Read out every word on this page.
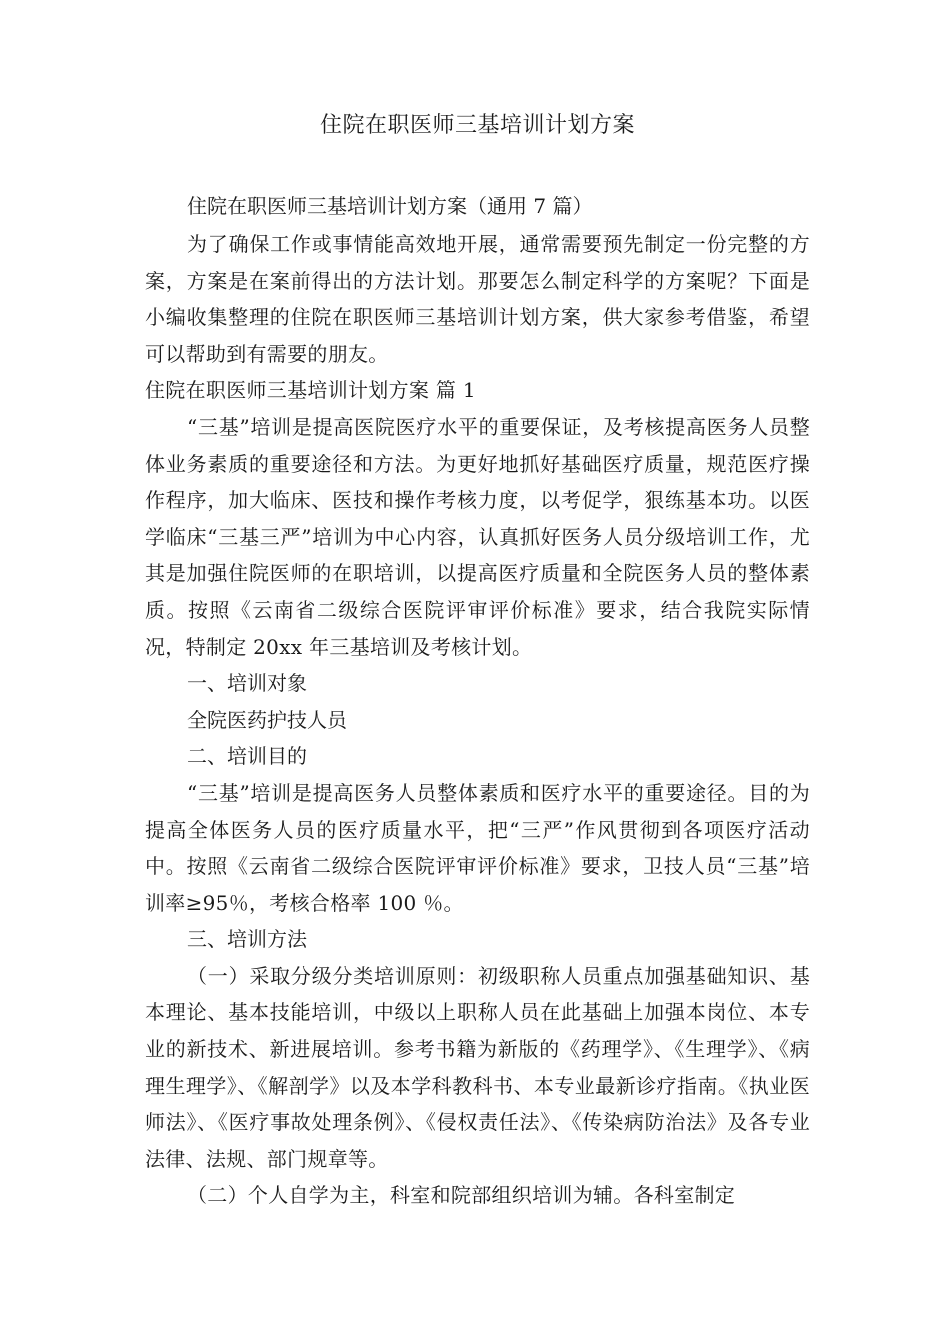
住院在职医师三基培训计划方案

住院在职医师三基培训计划方案（通用 7 篇）

为了确保工作或事情能高效地开展，通常需要预先制定一份完整的方案，方案是在案前得出的方法计划。那要怎么制定科学的方案呢？下面是小编收集整理的住院在职医师三基培训计划方案，供大家参考借鉴，希望可以帮助到有需要的朋友。

住院在职医师三基培训计划方案 篇 1

“三基”培训是提高医院医疗水平的重要保证，及考核提高医务人员整体业务素质的重要途径和方法。为更好地抓好基础医疗质量，规范医疗操作程序，加大临床、医技和操作考核力度，以考促学，狠练基本功。以医学临床“三基三严”培训为中心内容，认真抓好医务人员分级培训工作，尤其是加强住院医师的在职培训，以提高医疗质量和全院医务人员的整体素质。按照《云南省二级综合医院评审评价标准》要求，结合我院实际情况，特制定 20xx 年三基培训及考核计划。

一、培训对象

全院医药护技人员

二、培训目的

“三基”培训是提高医务人员整体素质和医疗水平的重要途径。目的为提高全体医务人员的医疗质量水平，把“三严”作风贯彻到各项医疗活动中。按照《云南省二级综合医院评审评价标准》要求，卫技人员“三基”培训率≥95％，考核合格率 100 ％。

三、培训方法

（一）采取分级分类培训原则：初级职称人员重点加强基础知识、基本理论、基本技能培训，中级以上职称人员在此基础上加强本岗位、本专业的新技术、新进展培训。参考书籍为新版的《药理学》、《生理学》、《病理生理学》、《解剖学》以及本学科教科书、本专业最新诊疗指南。《执业医师法》、《医疗事故处理条例》、《侵权责任法》、《传染病防治法》及各专业法律、法规、部门规章等。

（二）个人自学为主，科室和院部组织培训为辅。各科室制定
